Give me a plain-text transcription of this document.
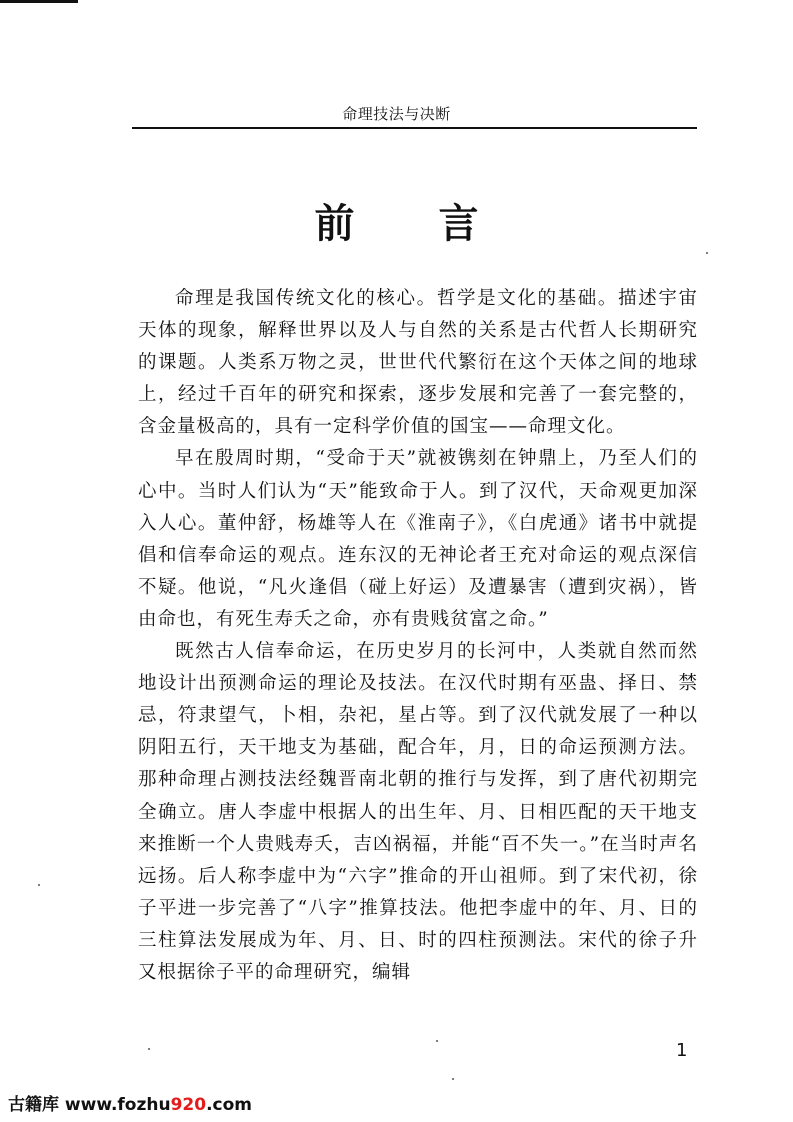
命理技法与决断
前言

命理是我国传统文化的核心。哲学是文化的基础。描述宇宙天体的现象，解释世界以及人与自然的关系是古代哲人长期研究的课题。人类系万物之灵，世世代代繁衍在这个天体之间的地球上，经过千百年的研究和探索，逐步发展和完善了一套完整的，含金量极高的，具有一定科学价值的国宝——命理文化。

早在殷周时期，“受命于天”就被镌刻在钟鼎上，乃至人们的心中。当时人们认为“天”能致命于人。到了汉代，天命观更加深入人心。董仲舒，杨雄等人在《淮南子》，《白虎通》诸书中就提倡和信奉命运的观点。连东汉的无神论者王充对命运的观点深信不疑。他说，“凡火逢倡（碰上好运）及遭暴害（遭到灾祸），皆由命也，有死生寿夭之命，亦有贵贱贫富之命。”

既然古人信奉命运，在历史岁月的长河中，人类就自然而然地设计出预测命运的理论及技法。在汉代时期有巫蛊、择日、禁忌，符隶望气，卜相，杂祀，星占等。到了汉代就发展了一种以阴阳五行，天干地支为基础，配合年，月，日的命运预测方法。那种命理占测技法经魏晋南北朝的推行与发挥，到了唐代初期完全确立。唐人李虚中根据人的出生年、月、日相匹配的天干地支来推断一个人贵贱寿夭，吉凶祸福，并能“百不失一。”在当时声名远扬。后人称李虚中为“六字”推命的开山祖师。到了宋代初，徐子平进一步完善了“八字”推算技法。他把李虚中的年、月、日的三柱算法发展成为年、月、日、时的四柱预测法。宋代的徐子升又根据徐子平的命理研究，编辑

1
古籍库 www.fozhu920.com
